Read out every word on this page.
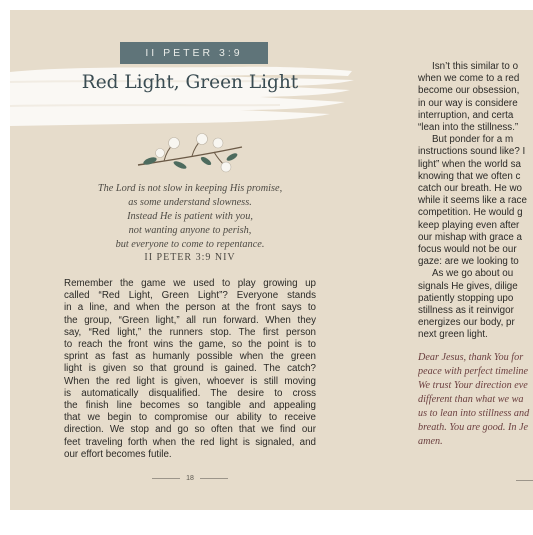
II PETER 3:9
Red Light, Green Light
The Lord is not slow in keeping His promise,
as some understand slowness.
Instead He is patient with you,
not wanting anyone to perish,
but everyone to come to repentance.
II PETER 3:9 NIV
Remember the game we used to play growing up
called “Red Light, Green Light”? Everyone stands
in a line, and when the person at the front says to
the group, “Green light,” all run forward. When they
say, “Red light,” the runners stop. The first person
to reach the front wins the game, so the point is to
sprint as fast as humanly possible when the green
light is given so that ground is gained. The catch?
When the red light is given, whoever is still moving
is automatically disqualified. The desire to cross
the finish line becomes so tangible and appealing
that we begin to compromise our ability to receive
direction. We stop and go so often that we find our
feet traveling forth when the red light is signaled, and
our effort becomes futile.
18
Isn’t this similar to o
when we come to a red
become our obsession,
in our way is considere
interruption, and certa
“lean into the stillness.”
But ponder for a m
instructions sound like? I
light” when the world sa
knowing that we often c
catch our breath. He wo
while it seems like a race
competition. He would g
keep playing even after
our mishap with grace a
focus would not be our
gaze: are we looking to
As we go about ou
signals He gives, dilige
patiently stopping upo
stillness as it reinvigor
energizes our body, pr
next green light.
Dear Jesus, thank You for
peace with perfect timeline
We trust Your direction eve
different than what we wa
us to lean into stillness and
breath. You are good. In Je
amen.
